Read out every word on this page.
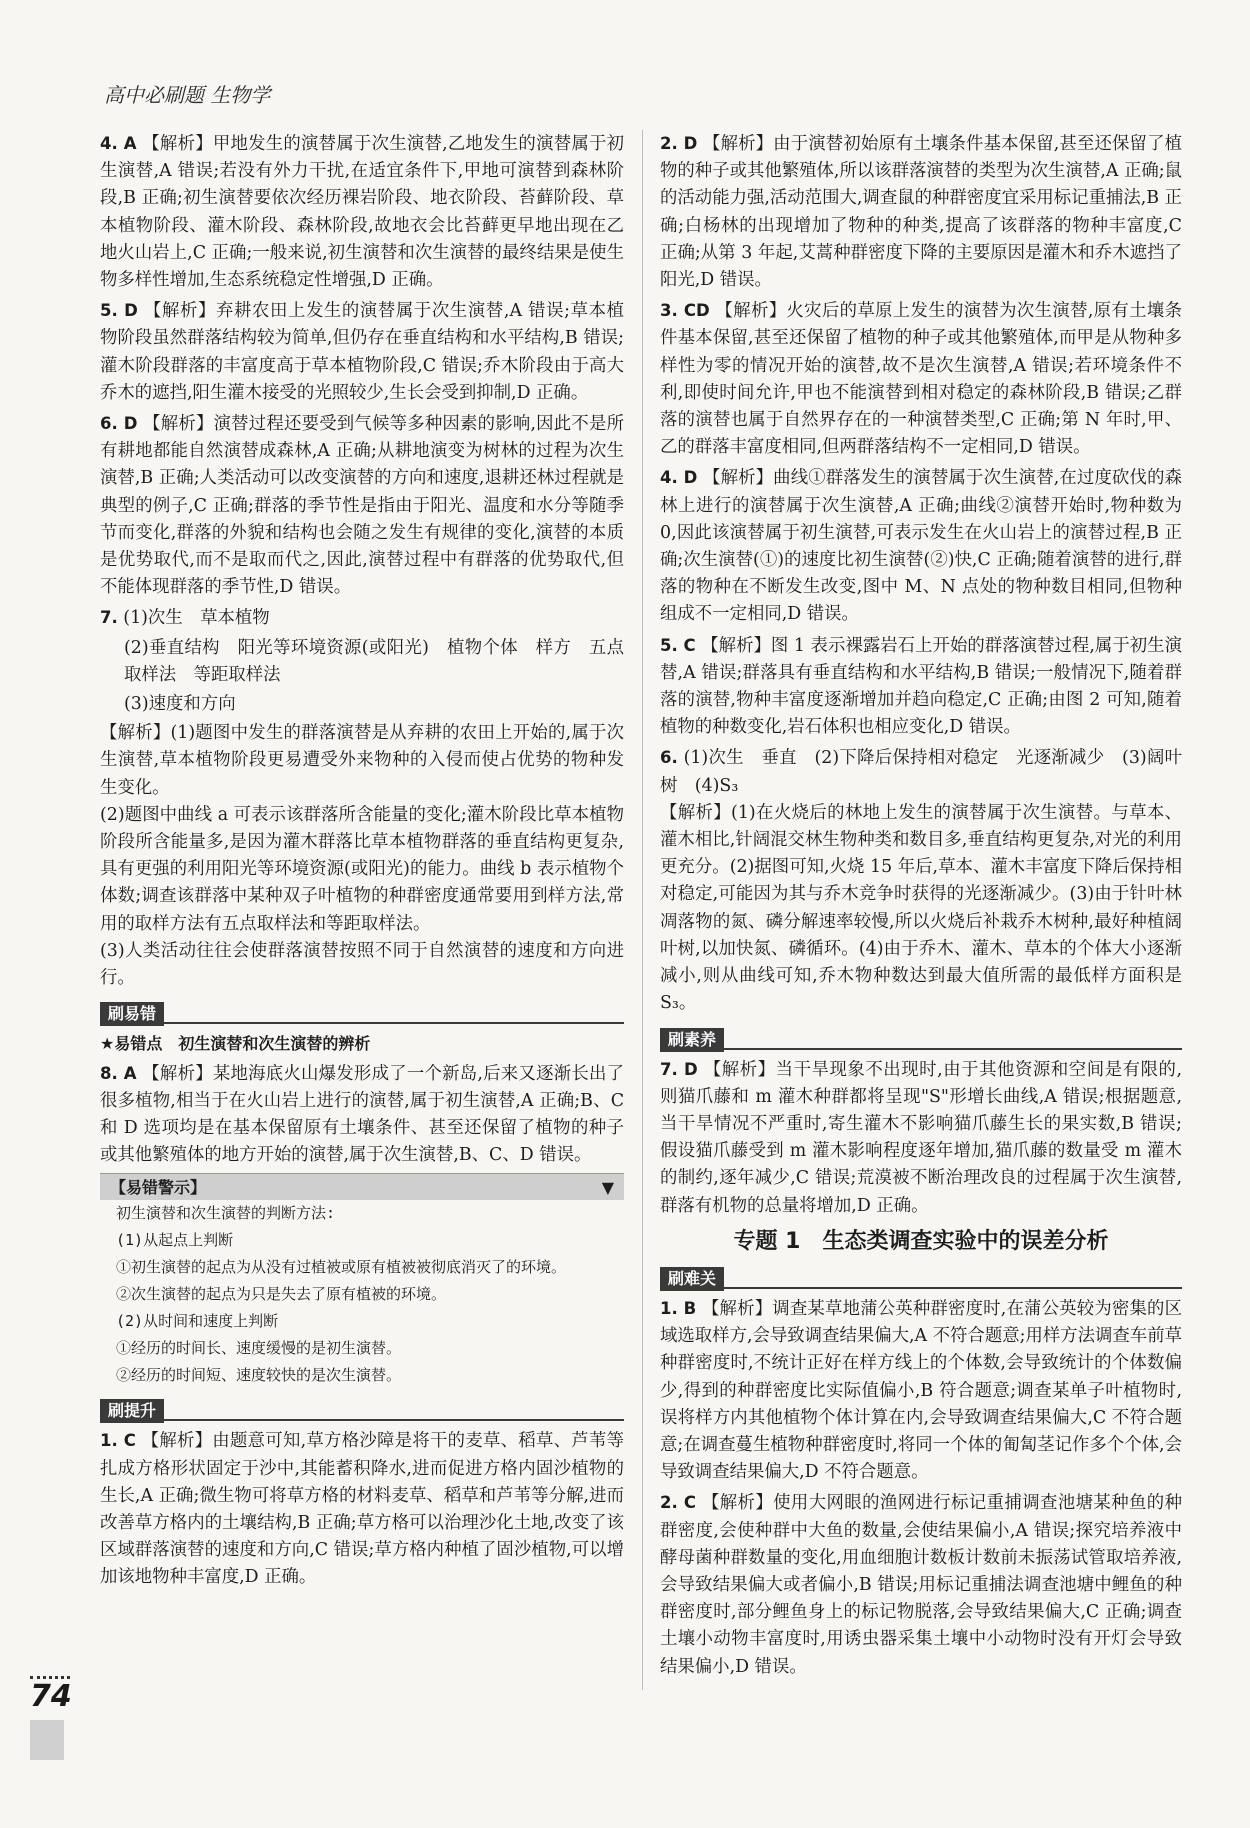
高中必刷题 生物学
4. A 【解析】甲地发生的演替属于次生演替,乙地发生的演替属于初生演替,A 错误;若没有外力干扰,在适宜条件下,甲地可演替到森林阶段,B 正确;初生演替要依次经历裸岩阶段、地衣阶段、苔藓阶段、草本植物阶段、灌木阶段、森林阶段,故地衣会比苔藓更早地出现在乙地火山岩上,C 正确;一般来说,初生演替和次生演替的最终结果是使生物多样性增加,生态系统稳定性增强,D 正确。
5. D 【解析】弃耕农田上发生的演替属于次生演替,A 错误;草本植物阶段虽然群落结构较为简单,但仍存在垂直结构和水平结构,B 错误;灌木阶段群落的丰富度高于草本植物阶段,C 错误;乔木阶段由于高大乔木的遮挡,阳生灌木接受的光照较少,生长会受到抑制,D 正确。
6. D 【解析】演替过程还要受到气候等多种因素的影响,因此不是所有耕地都能自然演替成森林,A 正确;从耕地演变为树林的过程为次生演替,B 正确;人类活动可以改变演替的方向和速度,退耕还林过程就是典型的例子,C 正确;群落的季节性是指由于阳光、温度和水分等随季节而变化,群落的外貌和结构也会随之发生有规律的变化,演替的本质是优势取代,而不是取而代之,因此,演替过程中有群落的优势取代,但不能体现群落的季节性,D 错误。
7. (1)次生　草本植物
(2)垂直结构　阳光等环境资源(或阳光)　植物个体　样方　五点取样法　等距取样法
(3)速度和方向

【解析】(1)题图中发生的群落演替是从弃耕的农田上开始的,属于次生演替,草本植物阶段更易遭受外来物种的入侵而使占优势的物种发生变化。

(2)题图中曲线 a 可表示该群落所含能量的变化;灌木阶段比草本植物阶段所含能量多,是因为灌木群落比草本植物群落的垂直结构更复杂,具有更强的利用阳光等环境资源(或阳光)的能力。曲线 b 表示植物个体数;调查该群落中某种双子叶植物的种群密度通常要用到样方法,常用的取样方法有五点取样法和等距取样法。

(3)人类活动往往会使群落演替按照不同于自然演替的速度和方向进行。

刷易错
★易错点　初生演替和次生演替的辨析
8. A 【解析】某地海底火山爆发形成了一个新岛,后来又逐渐长出了很多植物,相当于在火山岩上进行的演替,属于初生演替,A 正确;B、C 和 D 选项均是在基本保留原有土壤条件、甚至还保留了植物的种子或其他繁殖体的地方开始的演替,属于次生演替,B、C、D 错误。
【易错警示】	▼
初生演替和次生演替的判断方法:
(1)从起点上判断
①初生演替的起点为从没有过植被或原有植被被彻底消灭了的环境。
②次生演替的起点为只是失去了原有植被的环境。
(2)从时间和速度上判断
①经历的时间长、速度缓慢的是初生演替。
②经历的时间短、速度较快的是次生演替。
刷提升
1. C 【解析】由题意可知,草方格沙障是将干的麦草、稻草、芦苇等扎成方格形状固定于沙中,其能蓄积降水,进而促进方格内固沙植物的生长,A 正确;微生物可将草方格的材料麦草、稻草和芦苇等分解,进而改善草方格内的土壤结构,B 正确;草方格可以治理沙化土地,改变了该区域群落演替的速度和方向,C 错误;草方格内种植了固沙植物,可以增加该地物种丰富度,D 正确。
2. D 【解析】由于演替初始原有土壤条件基本保留,甚至还保留了植物的种子或其他繁殖体,所以该群落演替的类型为次生演替,A 正确;鼠的活动能力强,活动范围大,调查鼠的种群密度宜采用标记重捕法,B 正确;白杨林的出现增加了物种的种类,提高了该群落的物种丰富度,C 正确;从第 3 年起,艾蒿种群密度下降的主要原因是灌木和乔木遮挡了阳光,D 错误。
3. CD 【解析】火灾后的草原上发生的演替为次生演替,原有土壤条件基本保留,甚至还保留了植物的种子或其他繁殖体,而甲是从物种多样性为零的情况开始的演替,故不是次生演替,A 错误;若环境条件不利,即使时间允许,甲也不能演替到相对稳定的森林阶段,B 错误;乙群落的演替也属于自然界存在的一种演替类型,C 正确;第 N 年时,甲、乙的群落丰富度相同,但两群落结构不一定相同,D 错误。
4. D 【解析】曲线①群落发生的演替属于次生演替,在过度砍伐的森林上进行的演替属于次生演替,A 正确;曲线②演替开始时,物种数为 0,因此该演替属于初生演替,可表示发生在火山岩上的演替过程,B 正确;次生演替(①)的速度比初生演替(②)快,C 正确;随着演替的进行,群落的物种在不断发生改变,图中 M、N 点处的物种数目相同,但物种组成不一定相同,D 错误。
5. C 【解析】图 1 表示裸露岩石上开始的群落演替过程,属于初生演替,A 错误;群落具有垂直结构和水平结构,B 错误;一般情况下,随着群落的演替,物种丰富度逐渐增加并趋向稳定,C 正确;由图 2 可知,随着植物的种数变化,岩石体积也相应变化,D 错误。
6. (1)次生　垂直　(2)下降后保持相对稳定　光逐渐减少　(3)阔叶树　(4)S₃

【解析】(1)在火烧后的林地上发生的演替属于次生演替。与草本、灌木相比,针阔混交林生物种类和数目多,垂直结构更复杂,对光的利用更充分。(2)据图可知,火烧 15 年后,草本、灌木丰富度下降后保持相对稳定,可能因为其与乔木竞争时获得的光逐渐减少。(3)由于针叶林凋落物的氮、磷分解速率较慢,所以火烧后补栽乔木树种,最好种植阔叶树,以加快氮、磷循环。(4)由于乔木、灌木、草本的个体大小逐渐减小,则从曲线可知,乔木物种数达到最大值所需的最低样方面积是 S₃。

刷素养
7. D 【解析】当干旱现象不出现时,由于其他资源和空间是有限的,则猫爪藤和 m 灌木种群都将呈现"S"形增长曲线,A 错误;根据题意,当干旱情况不严重时,寄生灌木不影响猫爪藤生长的果实数,B 错误;假设猫爪藤受到 m 灌木影响程度逐年增加,猫爪藤的数量受 m 灌木的制约,逐年减少,C 错误;荒漠被不断治理改良的过程属于次生演替,群落有机物的总量将增加,D 正确。
专题 1　生态类调查实验中的误差分析
刷难关
1. B 【解析】调查某草地蒲公英种群密度时,在蒲公英较为密集的区域选取样方,会导致调查结果偏大,A 不符合题意;用样方法调查车前草种群密度时,不统计正好在样方线上的个体数,会导致统计的个体数偏少,得到的种群密度比实际值偏小,B 符合题意;调查某单子叶植物时,误将样方内其他植物个体计算在内,会导致调查结果偏大,C 不符合题意;在调查蔓生植物种群密度时,将同一个体的匍匐茎记作多个个体,会导致调查结果偏大,D 不符合题意。
2. C 【解析】使用大网眼的渔网进行标记重捕调查池塘某种鱼的种群密度,会使种群中大鱼的数量,会使结果偏小,A 错误;探究培养液中酵母菌种群数量的变化,用血细胞计数板计数前未振荡试管取培养液,会导致结果偏大或者偏小,B 错误;用标记重捕法调查池塘中鲤鱼的种群密度时,部分鲤鱼身上的标记物脱落,会导致结果偏大,C 正确;调查土壤小动物丰富度时,用诱虫器采集土壤中小动物时没有开灯会导致结果偏小,D 错误。
74
